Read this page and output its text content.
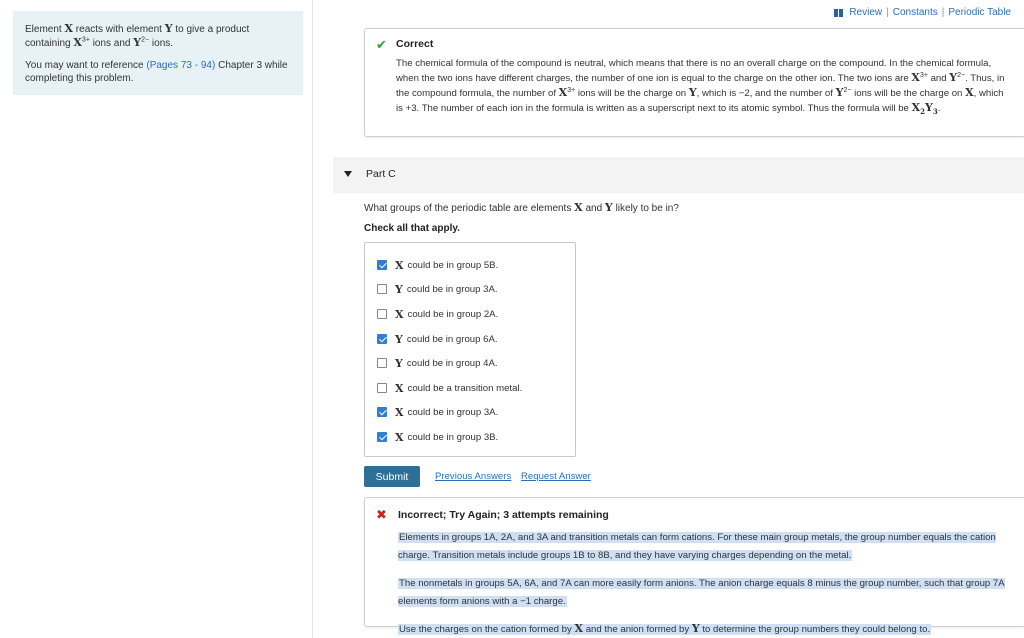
Element X reacts with element Y to give a product containing $X^{3+}$ ions and $Y^{2-}$ ions.

You may want to reference (Pages 73 - 94) Chapter 3 while completing this problem.

Review | Constants | Periodic Table
✔ Correct
The chemical formula of the compound is neutral, which means that there is no an overall charge on the compound. In the chemical formula, when the two ions have different charges, the number of one ion is equal to the charge on the other ion. The two ions are $X^{3+}$ and $Y^{2-}$. Thus, in the compound formula, the number of $X^{3+}$ ions will be the charge on Y, which is −2, and the number of $Y^{2-}$ ions will be the charge on X, which is +3. The number of each ion in the formula is written as a superscript next to its atomic symbol. Thus the formula will be $X_2Y_3$.
Part C
What groups of the periodic table are elements X and Y likely to be in?
Check all that apply.
X could be in group 5B.
Y could be in group 3A.
X could be in group 2A.
Y could be in group 6A.
Y could be in group 4A.
X could be a transition metal.
X could be in group 3A.
X could be in group 3B.
Submit	Previous Answers Request Answer
✖ Incorrect; Try Again; 3 attempts remaining
Elements in groups 1A, 2A, and 3A and transition metals can form cations. For these main group metals, the group number equals the cation charge. Transition metals include groups 1B to 8B, and they have varying charges depending on the metal.
The nonmetals in groups 5A, 6A, and 7A can more easily form anions. The anion charge equals 8 minus the group number, such that group 7A elements form anions with a −1 charge.
Use the charges on the cation formed by X and the anion formed by Y to determine the group numbers they could belong to.
